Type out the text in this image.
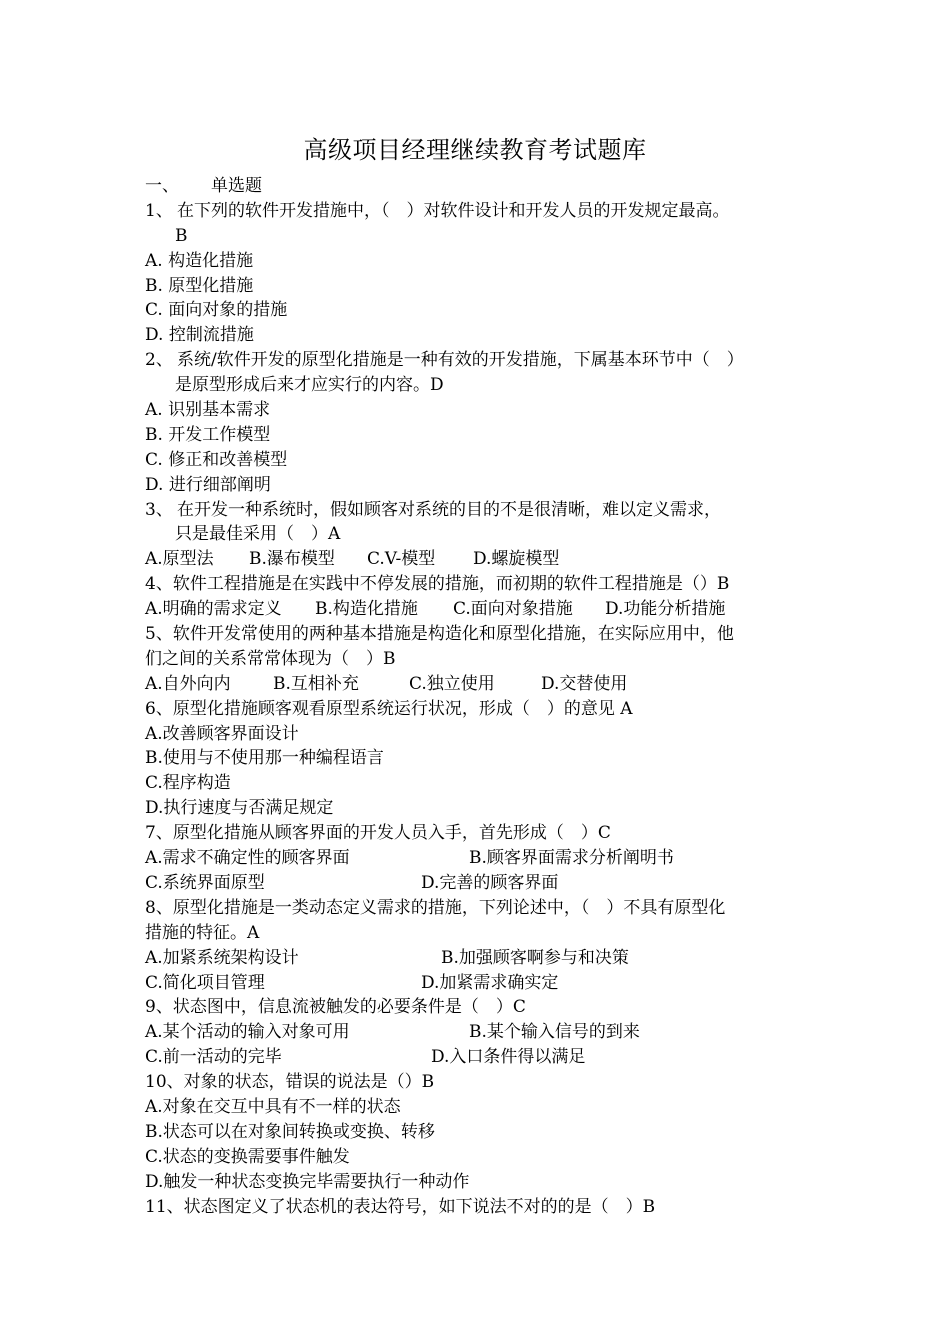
高级项目经理继续教育考试题库
一、	单选题
1、 在下列的软件开发措施中，（　）对软件设计和开发人员的开发规定最高。
B
A. 构造化措施
B. 原型化措施
C. 面向对象的措施
D. 控制流措施
2、 系统/软件开发的原型化措施是一种有效的开发措施，下属基本环节中（　）
是原型形成后来才应实行的内容。D
A. 识别基本需求
B. 开发工作模型
C. 修正和改善模型
D. 进行细部阐明
3、 在开发一种系统时，假如顾客对系统的目的不是很清晰，难以定义需求，
只是最佳采用（　）A
A.原型法	B.瀑布模型	C.V-模型	D.螺旋模型
4、软件工程措施是在实践中不停发展的措施，而初期的软件工程措施是（）B
A.明确的需求定义	B.构造化措施	C.面向对象措施	D.功能分析措施
5、软件开发常使用的两种基本措施是构造化和原型化措施，在实际应用中，他
们之间的关系常常体现为（　）B
A.自外向内	B.互相补充	C.独立使用	D.交替使用
6、原型化措施顾客观看原型系统运行状况，形成（　）的意见 A
A.改善顾客界面设计
B.使用与不使用那一种编程语言
C.程序构造
D.执行速度与否满足规定
7、原型化措施从顾客界面的开发人员入手，首先形成（　）C
A.需求不确定性的顾客界面	B.顾客界面需求分析阐明书
C.系统界面原型	D.完善的顾客界面
8、原型化措施是一类动态定义需求的措施，下列论述中，（　）不具有原型化
措施的特征。A
A.加紧系统架构设计	B.加强顾客啊参与和决策
C.简化项目管理	D.加紧需求确实定
9、状态图中，信息流被触发的必要条件是（　）C
A.某个活动的输入对象可用	B.某个输入信号的到来
C.前一活动的完毕	D.入口条件得以满足
10、对象的状态，错误的说法是（）B
A.对象在交互中具有不一样的状态
B.状态可以在对象间转换或变换、转移
C.状态的变换需要事件触发
D.触发一种状态变换完毕需要执行一种动作
11、状态图定义了状态机的表达符号，如下说法不对的的是（　）B
